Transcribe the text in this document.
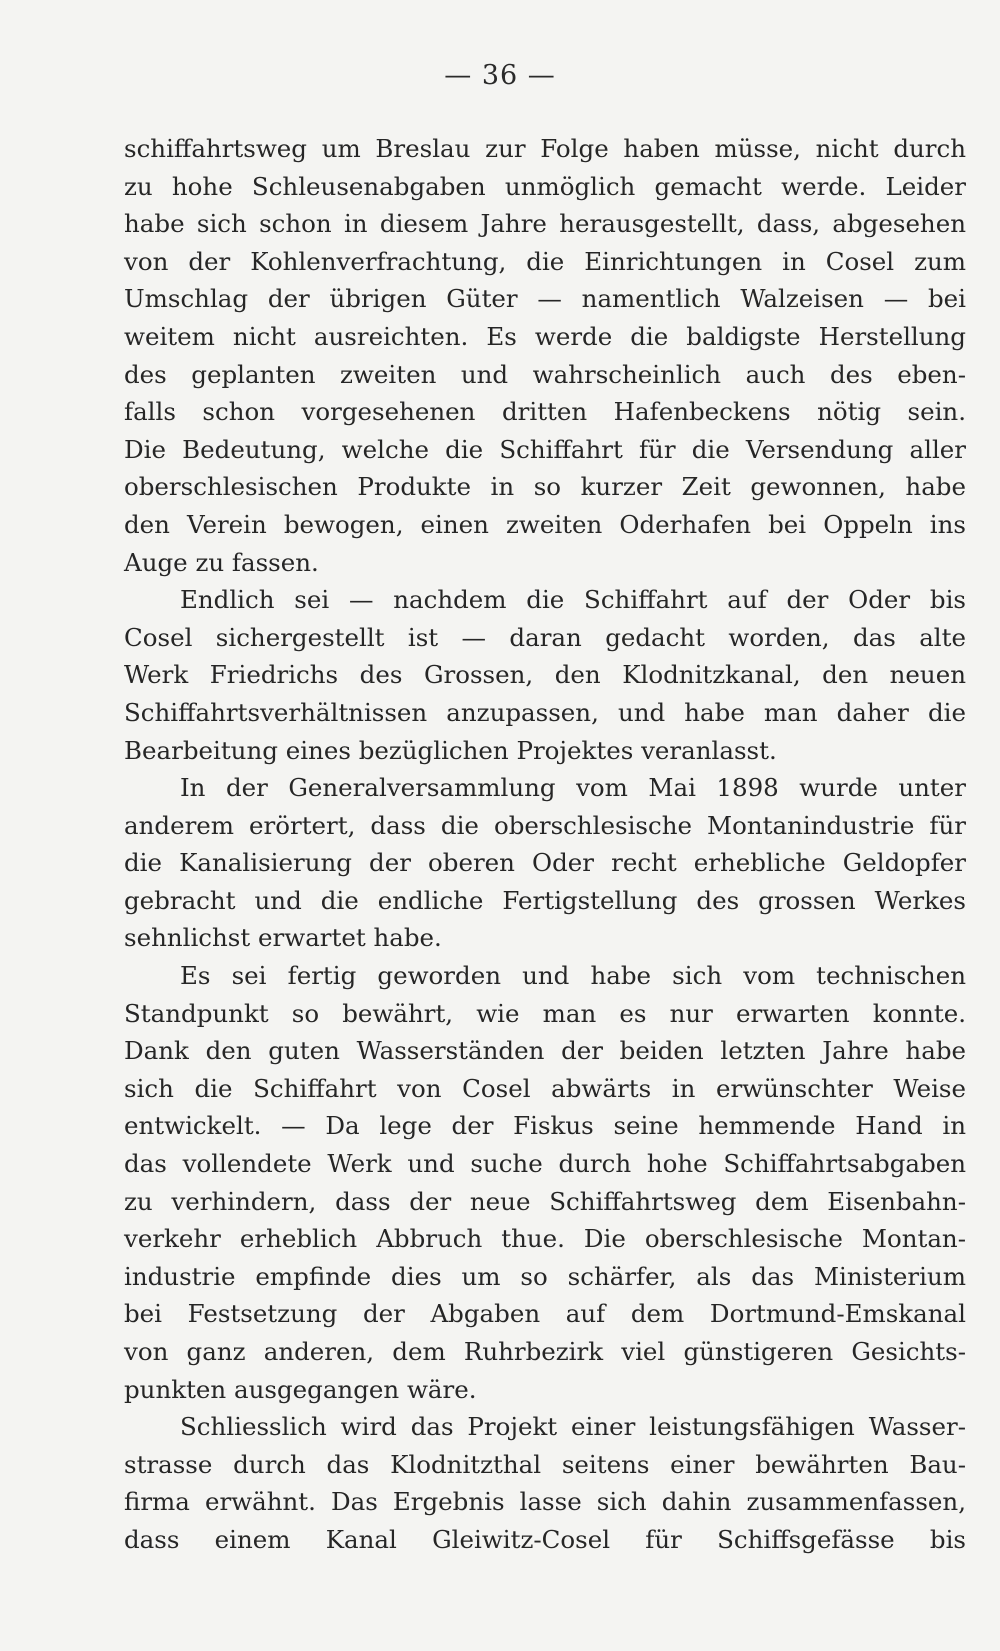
— 36 —
schiffahrtsweg um Breslau zur Folge haben müsse, nicht durch
zu hohe Schleusenabgaben unmöglich gemacht werde. Leider
habe sich schon in diesem Jahre herausgestellt, dass, abgesehen
von der Kohlenverfrachtung, die Einrichtungen in Cosel zum
Umschlag der übrigen Güter — namentlich Walzeisen — bei
weitem nicht ausreichten. Es werde die baldigste Herstellung
des geplanten zweiten und wahrscheinlich auch des eben-
falls schon vorgesehenen dritten Hafenbeckens nötig sein.
Die Bedeutung, welche die Schiffahrt für die Versendung aller
oberschlesischen Produkte in so kurzer Zeit gewonnen, habe
den Verein bewogen, einen zweiten Oderhafen bei Oppeln ins
Auge zu fassen.
Endlich sei — nachdem die Schiffahrt auf der Oder bis
Cosel sichergestellt ist — daran gedacht worden, das alte
Werk Friedrichs des Grossen, den Klodnitzkanal, den neuen
Schiffahrtsverhältnissen anzupassen, und habe man daher die
Bearbeitung eines bezüglichen Projektes veranlasst.
In der Generalversammlung vom Mai 1898 wurde unter
anderem erörtert, dass die oberschlesische Montanindustrie für
die Kanalisierung der oberen Oder recht erhebliche Geldopfer
gebracht und die endliche Fertigstellung des grossen Werkes
sehnlichst erwartet habe.
Es sei fertig geworden und habe sich vom technischen
Standpunkt so bewährt, wie man es nur erwarten konnte.
Dank den guten Wasserständen der beiden letzten Jahre habe
sich die Schiffahrt von Cosel abwärts in erwünschter Weise
entwickelt. — Da lege der Fiskus seine hemmende Hand in
das vollendete Werk und suche durch hohe Schiffahrtsabgaben
zu verhindern, dass der neue Schiffahrtsweg dem Eisenbahn-
verkehr erheblich Abbruch thue. Die oberschlesische Montan-
industrie empfinde dies um so schärfer, als das Ministerium
bei Festsetzung der Abgaben auf dem Dortmund-Emskanal
von ganz anderen, dem Ruhrbezirk viel günstigeren Gesichts-
punkten ausgegangen wäre.
Schliesslich wird das Projekt einer leistungsfähigen Wasser-
strasse durch das Klodnitzthal seitens einer bewährten Bau-
firma erwähnt. Das Ergebnis lasse sich dahin zusammenfassen,
dass einem Kanal Gleiwitz-Cosel für Schiffsgefässe bis
